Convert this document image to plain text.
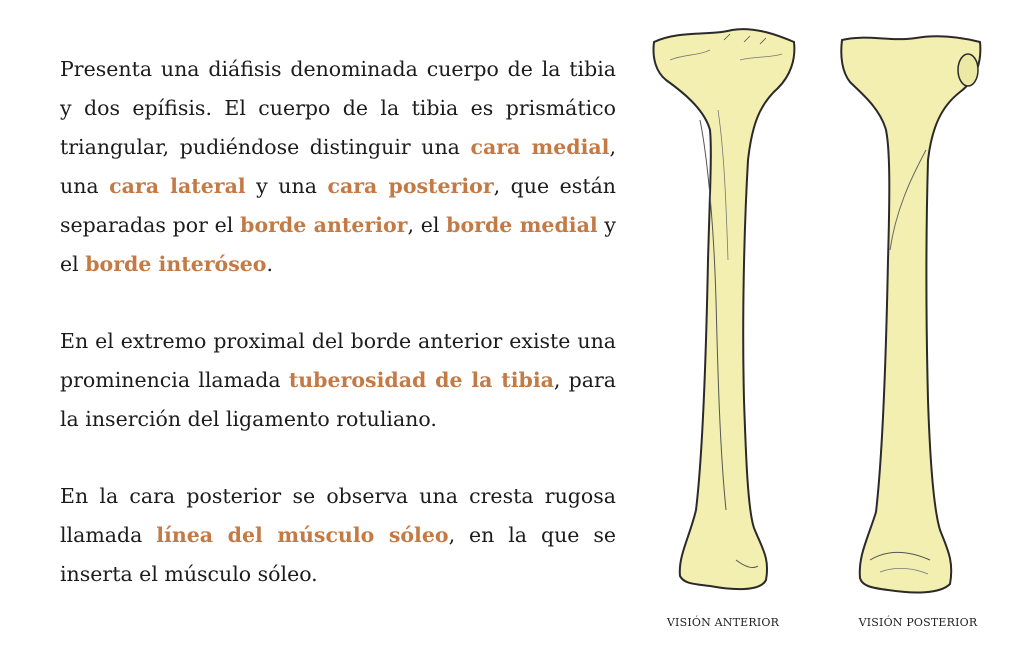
Presenta una diáfisis denominada cuerpo de la tibia y dos epífisis. El cuerpo de la tibia es prismático triangular, pudiéndose distinguir una cara medial, una cara lateral y una cara posterior, que están separadas por el borde anterior, el borde medial y el borde interóseo.

En el extremo proximal del borde anterior existe una prominencia llamada tuberosidad de la tibia, para la inserción del ligamento rotuliano.

En la cara posterior se observa una cresta rugosa llamada línea del músculo sóleo, en la que se inserta el músculo sóleo.

VISIÓN ANTERIOR	VISIÓN POSTERIOR
